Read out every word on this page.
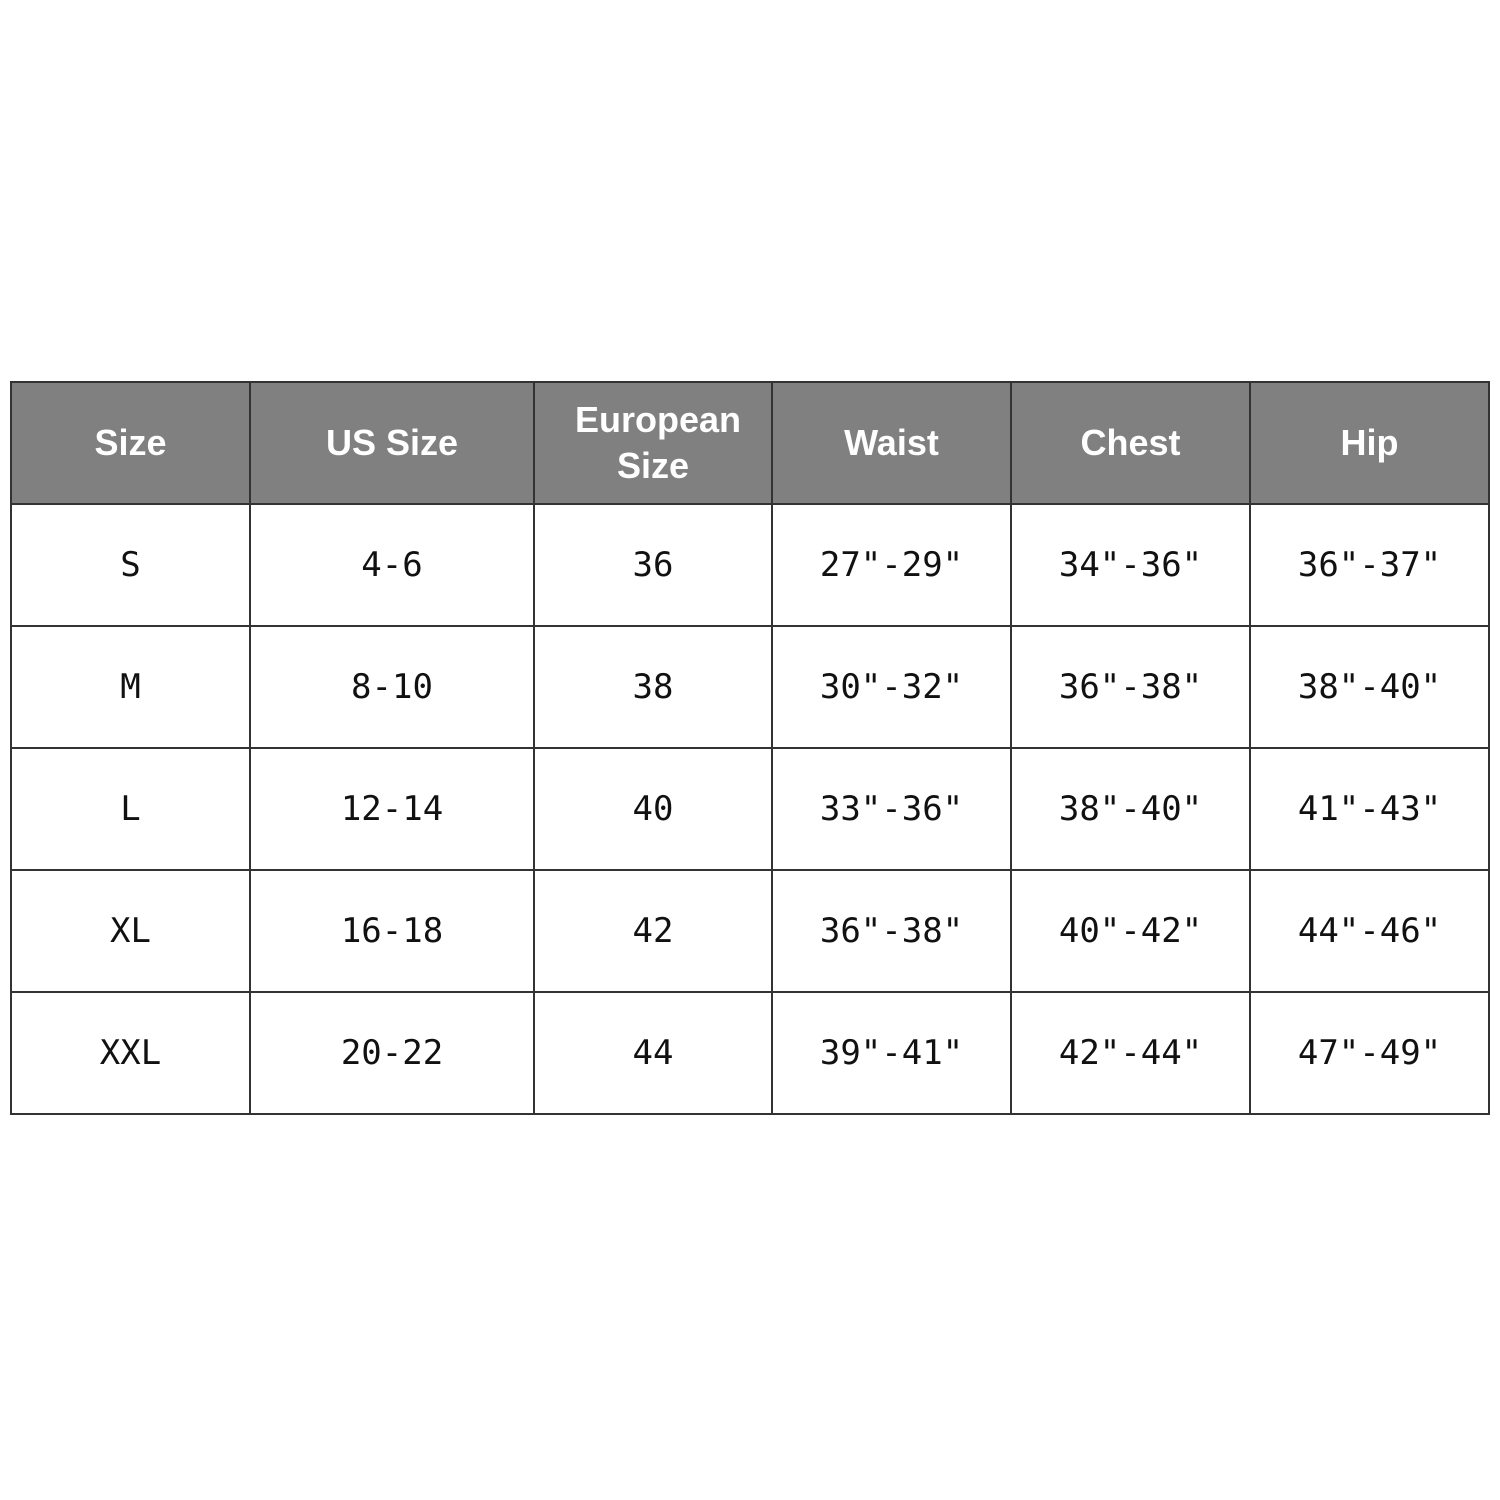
Size	US Size	European Size	Waist	Chest	Hip
S	4-6	36	27"-29"	34"-36"	36"-37"
M	8-10	38	30"-32"	36"-38"	38"-40"
L	12-14	40	33"-36"	38"-40"	41"-43"
XL	16-18	42	36"-38"	40"-42"	44"-46"
XXL	20-22	44	39"-41"	42"-44"	47"-49"
